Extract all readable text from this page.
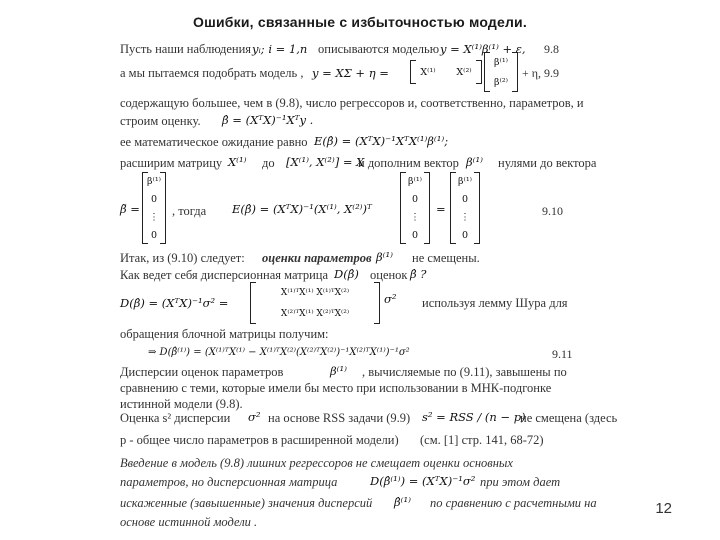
Ошибки, связанные с избыточностью модели.
Пусть наши наблюдения yᵢ; i = 1,n описываются моделью y = X⁽¹⁾β⁽¹⁾ + ε, 9.8
а мы пытаемся подобрать модель , y = XΣ + η =	X⁽¹⁾ X⁽²⁾
β⁽¹⁾
β⁽²⁾
+ η, 9.9
содержащую большее, чем в (9.8), число регрессоров и, соответственно, параметров, и
строим оценку. β̂ = (XᵀX)⁻¹Xᵀy .
ее математическое ожидание равно E(β̂) = (XᵀX)⁻¹XᵀX⁽¹⁾β⁽¹⁾;
расширим матрицу X⁽¹⁾ до [X⁽¹⁾, X⁽²⁾] = X
и дополним вектор β⁽¹⁾ нулями до вектора
β̃ =
β⁽¹⁾
0
⋮
0
, тогда E(β̂) = (XᵀX)⁻¹(X⁽¹⁾, X⁽²⁾)ᵀ
β⁽¹⁾
0
⋮
0
=
β⁽¹⁾
0
⋮
0
9.10
Итак, из (9.10) следует: оценки параметров β⁽¹⁾ не смещены.
Как ведет себя дисперсионная матрица D(β̂) оценок β̂ ?
D(β̂) = (XᵀX)⁻¹σ² =
X⁽¹⁾ᵀX⁽¹⁾ X⁽¹⁾ᵀX⁽²⁾
X⁽²⁾ᵀX⁽¹⁾ X⁽²⁾ᵀX⁽²⁾
σ² используя лемму Шура для
обращения блочной матрицы получим:
⇒ D(β̂⁽¹⁾) = (X⁽¹⁾ᵀX⁽¹⁾ − X⁽¹⁾ᵀX⁽²⁾(X⁽²⁾ᵀX⁽²⁾)⁻¹X⁽²⁾ᵀX⁽¹⁾)⁻¹σ²	9.11
Дисперсии оценок параметров	β⁽¹⁾ , вычисляемые по (9.11), завышены по
сравнению с теми, которые имели бы место при использовании в МНК-подгонке
истинной модели (9.8).
Оценка s² дисперсии σ² на основе RSS задачи (9.9) s² = RSS / (n − p)
не смещена (здесь
p - общее число параметров в расширенной модели) (см. [1] стр. 141, 68-72)
Введение в модель (9.8) лишних регрессоров не смещает оценки основных
параметров, но дисперсионная матрица	D(β̂⁽¹⁾) = (XᵀX)⁻¹σ² при этом дает
искаженные (завышенные) значения дисперсий β̂⁽¹⁾ по сравнению с расчетными на
основе истинной модели .
12
